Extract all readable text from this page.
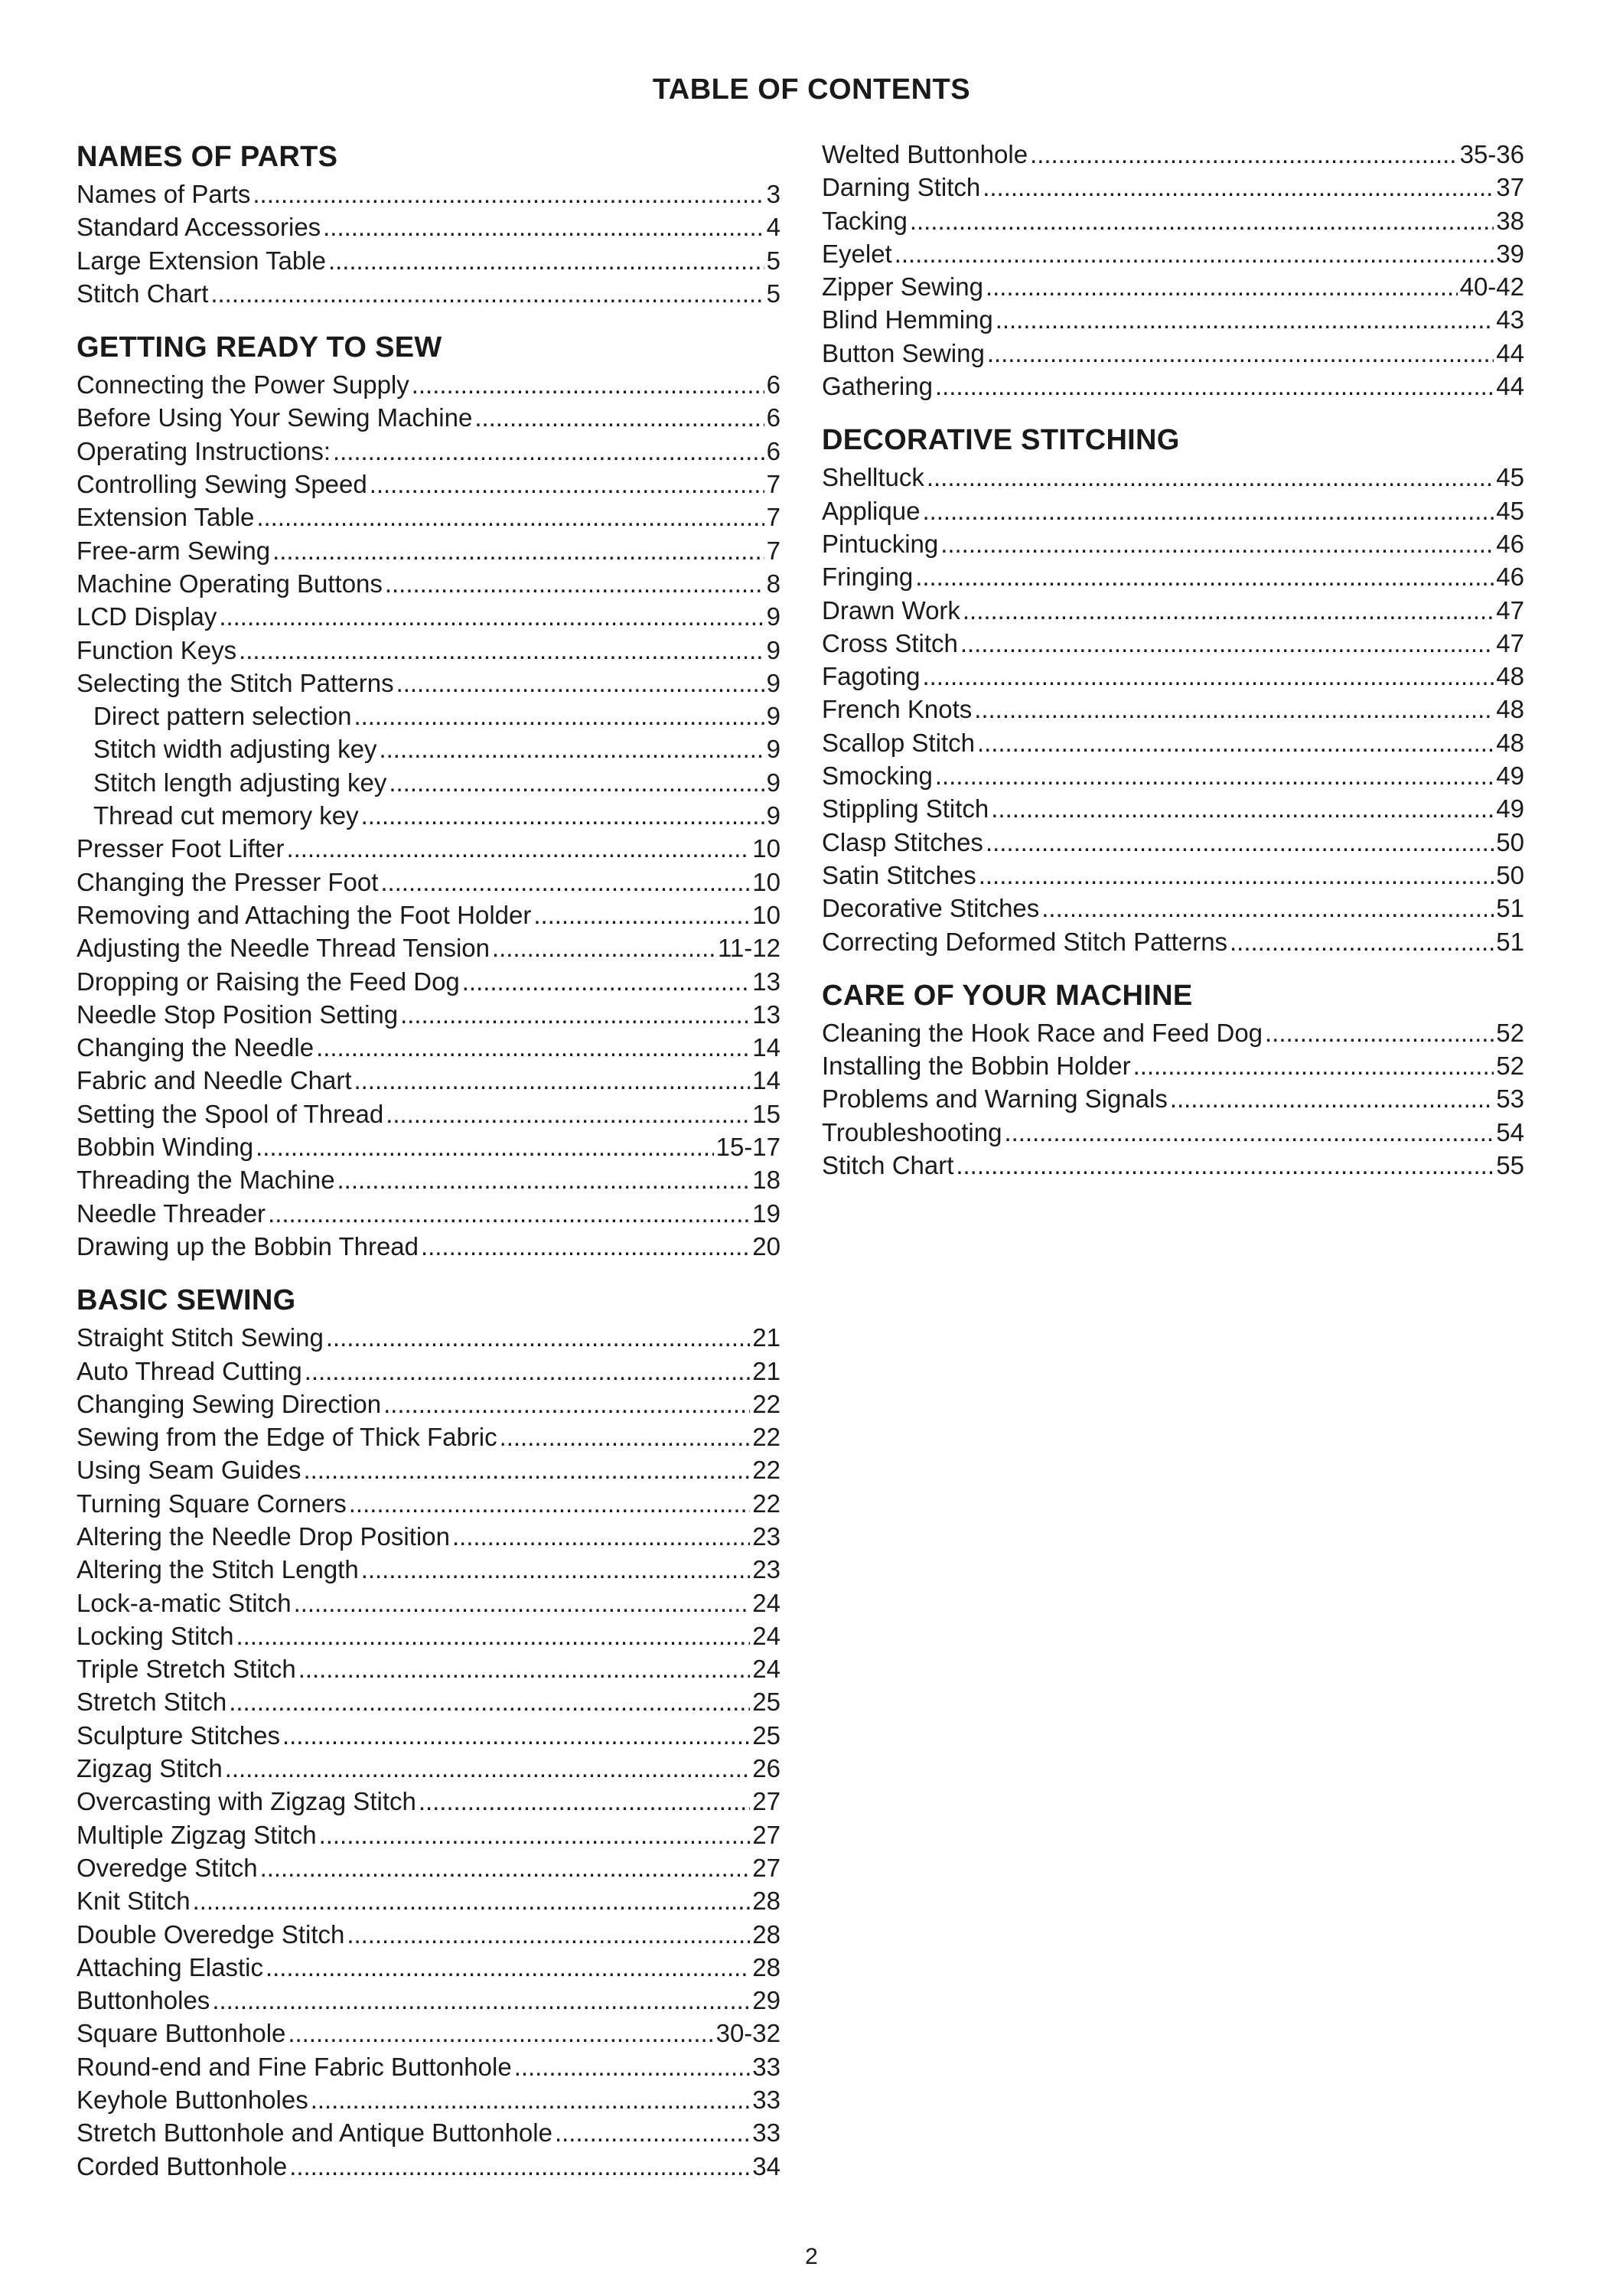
TABLE OF CONTENTS
NAMES OF PARTS
Names of Parts . . .	3
Standard Accessories . . .	4
Large Extension Table . . .	5
Stitch Chart . . .	5
GETTING READY TO SEW
Connecting the Power Supply . . .	6
Before Using Your Sewing Machine . . .	6
Operating Instructions: . . .	6
Controlling Sewing Speed . . .	7
Extension Table . . .	7
Free-arm Sewing . . .	7
Machine Operating Buttons . . .	8
LCD Display . . .	9
Function Keys . . .	9
Selecting the Stitch Patterns . . .	9
Direct pattern selection . . .	9
Stitch width adjusting key . . .	9
Stitch length adjusting key . . .	9
Thread cut memory key . . .	9
Presser Foot Lifter . . .	10
Changing the Presser Foot . . .	10
Removing and Attaching the Foot Holder . . .	10
Adjusting the Needle Thread Tension . . .	11-12
Dropping or Raising the Feed Dog . . .	13
Needle Stop Position Setting . . .	13
Changing the Needle . . .	14
Fabric and Needle Chart . . .	14
Setting the Spool of Thread . . .	15
Bobbin Winding . . .	15-17
Threading the Machine . . .	18
Needle Threader . . .	19
Drawing up the Bobbin Thread . . .	20
BASIC SEWING
Straight Stitch Sewing . . .	21
Auto Thread Cutting . . .	21
Changing Sewing Direction . . .	22
Sewing from the Edge of Thick Fabric . . .	22
Using Seam Guides . . .	22
Turning Square Corners . . .	22
Altering the Needle Drop Position . . .	23
Altering the Stitch Length . . .	23
Lock-a-matic Stitch . . .	24
Locking Stitch . . .	24
Triple Stretch Stitch . . .	24
Stretch Stitch . . .	25
Sculpture Stitches . . .	25
Zigzag Stitch . . .	26
Overcasting with Zigzag Stitch . . .	27
Multiple Zigzag Stitch . . .	27
Overedge Stitch . . .	27
Knit Stitch . . .	28
Double Overedge Stitch . . .	28
Attaching Elastic . . .	28
Buttonholes . . .	29
Square Buttonhole . . .	30-32
Round-end and Fine Fabric Buttonhole . . .	33
Keyhole Buttonholes . . .	33
Stretch Buttonhole and Antique Buttonhole . . .	33
Corded Buttonhole . . .	34
Welted Buttonhole . . .	35-36
Darning Stitch . . .	37
Tacking . . .	38
Eyelet . . .	39
Zipper Sewing . . .	40-42
Blind Hemming . . .	43
Button Sewing . . .	44
Gathering . . .	44
DECORATIVE STITCHING
Shelltuck . . .	45
Applique . . .	45
Pintucking . . .	46
Fringing . . .	46
Drawn Work . . .	47
Cross Stitch . . .	47
Fagoting . . .	48
French Knots . . .	48
Scallop Stitch . . .	48
Smocking . . .	49
Stippling Stitch . . .	49
Clasp Stitches . . .	50
Satin Stitches . . .	50
Decorative Stitches . . .	51
Correcting Deformed Stitch Patterns . . .	51
CARE OF YOUR MACHINE
Cleaning the Hook Race and Feed Dog . . .	52
Installing the Bobbin Holder . . .	52
Problems and Warning Signals . . .	53
Troubleshooting . . .	54
Stitch Chart . . .	55
2
